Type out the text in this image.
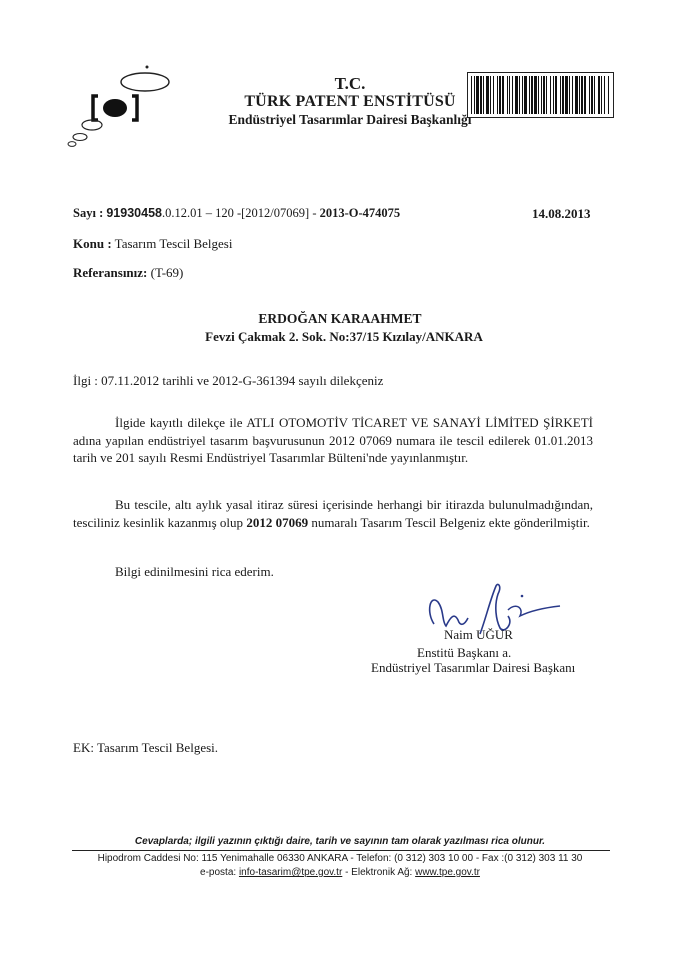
T.C.
TÜRK PATENT ENSTİTÜSÜ
Endüstriyel Tasarımlar Dairesi Başkanlığı
Sayı : 91930458.0.12.01 – 120 -[2012/07069] - 2013-O-474075	14.08.2013
Konu : Tasarım Tescil Belgesi
Referansınız: (T-69)
ERDOĞAN KARAAHMET
Fevzi Çakmak 2. Sok. No:37/15 Kızılay/ANKARA
İlgi : 07.11.2012 tarihli ve 2012-G-361394 sayılı dilekçeniz

İlgide kayıtlı dilekçe ile ATLI OTOMOTİV TİCARET VE SANAYİ LİMİTED ŞİRKETİ adına yapılan endüstriyel tasarım başvurusunun 2012 07069 numara ile tescil edilerek 01.01.2013 tarih ve 201 sayılı Resmi Endüstriyel Tasarımlar Bülteni'nde yayınlanmıştır.

Bu tescile, altı aylık yasal itiraz süresi içerisinde herhangi bir itirazda bulunulmadığından, tesciliniz kesinlik kazanmış olup 2012 07069 numaralı Tasarım Tescil Belgeniz ekte gönderilmiştir.

Bilgi edinilmesini rica ederim.

Naim UĞUR
Enstitü Başkanı a.
Endüstriyel Tasarımlar Dairesi Başkanı
EK: Tasarım Tescil Belgesi.
Cevaplarda; ilgili yazının çıktığı daire, tarih ve sayının tam olarak yazılması rica olunur.
Hipodrom Caddesi No: 115 Yenimahalle 06330 ANKARA - Telefon: (0 312) 303 10 00 - Fax :(0 312) 303 11 30
e-posta: info-tasarim@tpe.gov.tr - Elektronik Ağ: www.tpe.gov.tr
